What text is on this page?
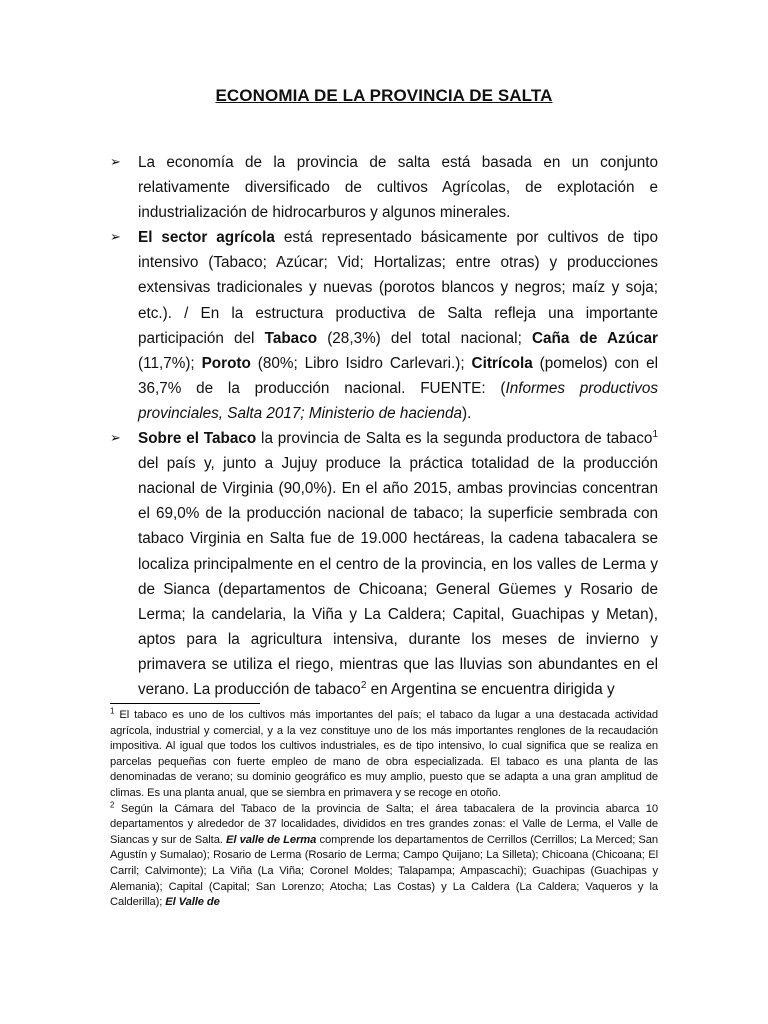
ECONOMIA DE LA PROVINCIA DE SALTA
➢ La economía de la provincia de salta está basada en un conjunto relativamente diversificado de cultivos Agrícolas, de explotación e industrialización de hidrocarburos y algunos minerales.
➢ El sector agrícola está representado básicamente por cultivos de tipo intensivo (Tabaco; Azúcar; Vid; Hortalizas; entre otras) y producciones extensivas tradicionales y nuevas (porotos blancos y negros; maíz y soja; etc.). / En la estructura productiva de Salta refleja una importante participación del Tabaco (28,3%) del total nacional; Caña de Azúcar (11,7%); Poroto (80%; Libro Isidro Carlevari.); Citrícola (pomelos) con el 36,7% de la producción nacional. FUENTE: (Informes productivos provinciales, Salta 2017; Ministerio de hacienda).
➢ Sobre el Tabaco la provincia de Salta es la segunda productora de tabaco$^1$ del país y, junto a Jujuy produce la práctica totalidad de la producción nacional de Virginia (90,0%). En el año 2015, ambas provincias concentran el 69,0% de la producción nacional de tabaco; la superficie sembrada con tabaco Virginia en Salta fue de 19.000 hectáreas, la cadena tabacalera se localiza principalmente en el centro de la provincia, en los valles de Lerma y de Sianca (departamentos de Chicoana; General Güemes y Rosario de Lerma; la candelaria, la Viña y La Caldera; Capital, Guachipas y Metan), aptos para la agricultura intensiva, durante los meses de invierno y primavera se utiliza el riego, mientras que las lluvias son abundantes en el verano. La producción de tabaco$^2$ en Argentina se encuentra dirigida y

$^1$ El tabaco es uno de los cultivos más importantes del país; el tabaco da lugar a una destacada actividad agrícola, industrial y comercial, y a la vez constituye uno de los más importantes renglones de la recaudación impositiva. Al igual que todos los cultivos industriales, es de tipo intensivo, lo cual significa que se realiza en parcelas pequeñas con fuerte empleo de mano de obra especializada. El tabaco es una planta de las denominadas de verano; su dominio geográfico es muy amplio, puesto que se adapta a una gran amplitud de climas. Es una planta anual, que se siembra en primavera y se recoge en otoño.

$^2$ Según la Cámara del Tabaco de la provincia de Salta; el área tabacalera de la provincia abarca 10 departamentos y alrededor de 37 localidades, divididos en tres grandes zonas: el Valle de Lerma, el Valle de Siancas y sur de Salta. El valle de Lerma comprende los departamentos de Cerrillos (Cerrillos; La Merced; San Agustín y Sumalao); Rosario de Lerma (Rosario de Lerma; Campo Quijano; La Silleta); Chicoana (Chicoana; El Carril; Calvimonte); La Viña (La Viña; Coronel Moldes; Talapampa; Ampascachi); Guachipas (Guachipas y Alemania); Capital (Capital; San Lorenzo; Atocha; Las Costas) y La Caldera (La Caldera; Vaqueros y la Calderilla); El Valle de
